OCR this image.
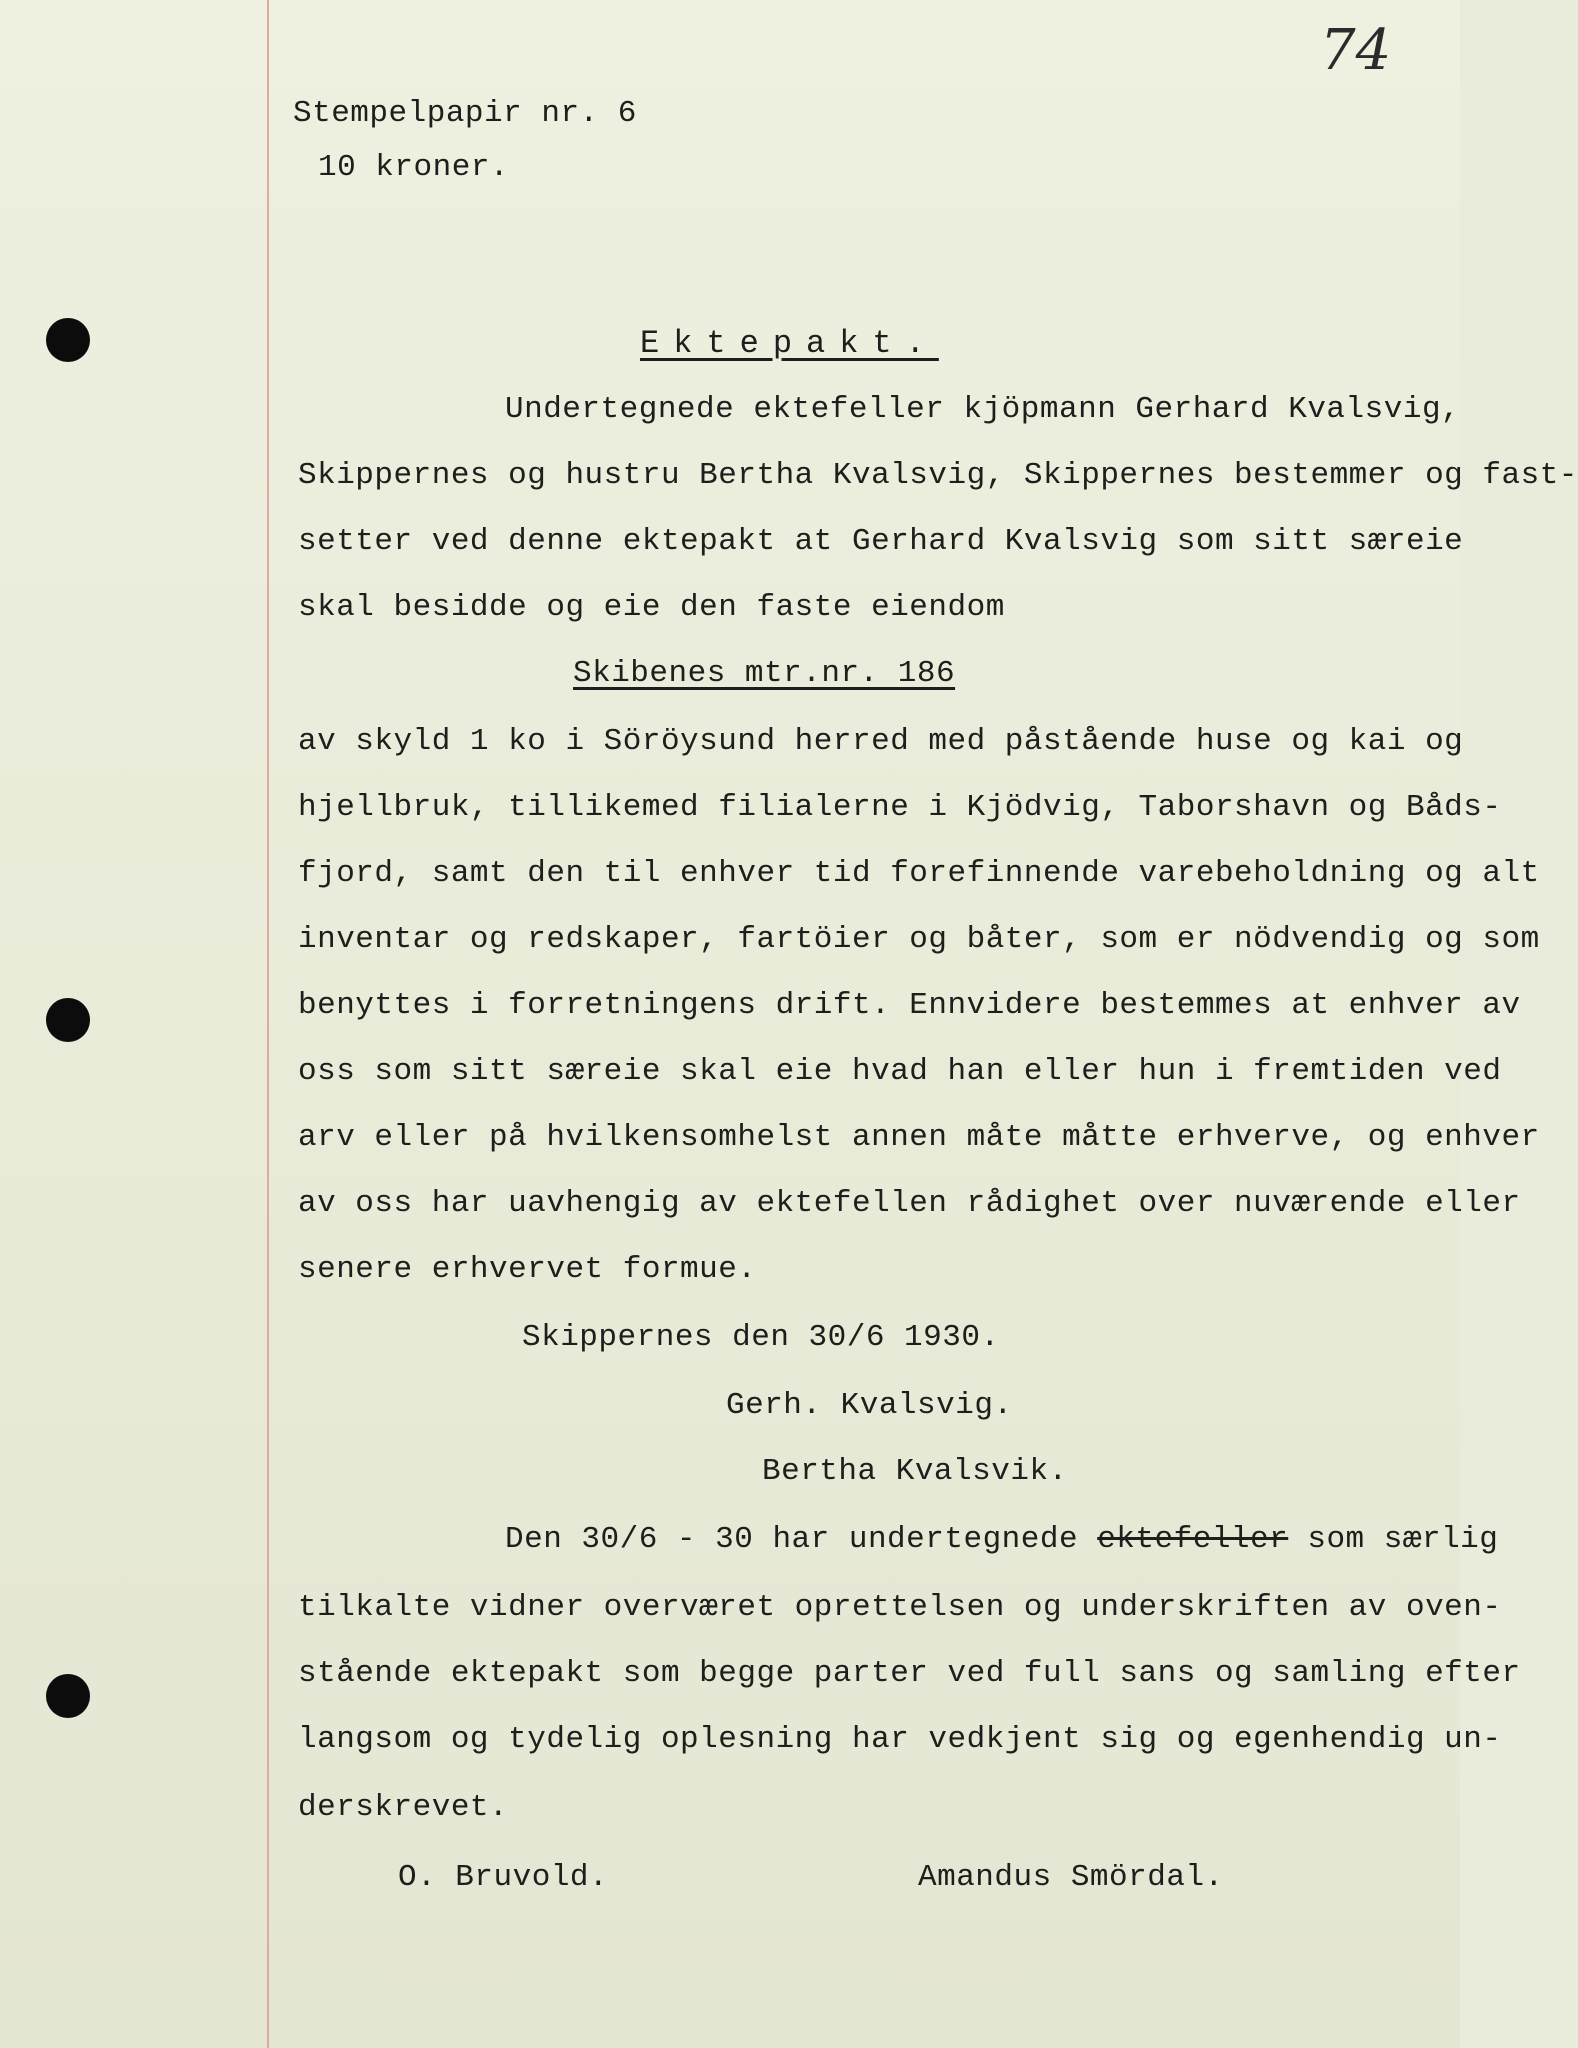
74
Stempelpapir nr. 6
10 kroner.
Ektepakt.
Undertegnede ektefeller kjöpmann Gerhard Kvalsvig,
Skippernes og hustru Bertha Kvalsvig, Skippernes bestemmer og fast-
setter ved denne ektepakt at Gerhard Kvalsvig som sitt særeie
skal besidde og eie den faste eiendom
Skibenes mtr.nr. 186
av skyld 1 ko i Söröysund herred med påstående huse og kai og
hjellbruk, tillikemed filialerne i Kjödvig, Taborshavn og Båds-
fjord, samt den til enhver tid forefinnende varebeholdning og alt
inventar og redskaper, fartöier og båter, som er nödvendig og som
benyttes i forretningens drift. Ennvidere bestemmes at enhver av
oss som sitt særeie skal eie hvad han eller hun i fremtiden ved
arv eller på hvilkensomhelst annen måte måtte erhverve, og enhver
av oss har uavhengig av ektefellen rådighet over nuværende eller
senere erhvervet formue.
Skippernes den 30/6 1930.
Gerh. Kvalsvig.
Bertha Kvalsvik.
Den 30/6 - 30 har undertegnede ektefeller som særlig
tilkalte vidner overværet oprettelsen og underskriften av oven-
stående ektepakt som begge parter ved full sans og samling efter
langsom og tydelig oplesning har vedkjent sig og egenhendig un-
derskrevet.
O. Bruvold.	Amandus Smördal.
